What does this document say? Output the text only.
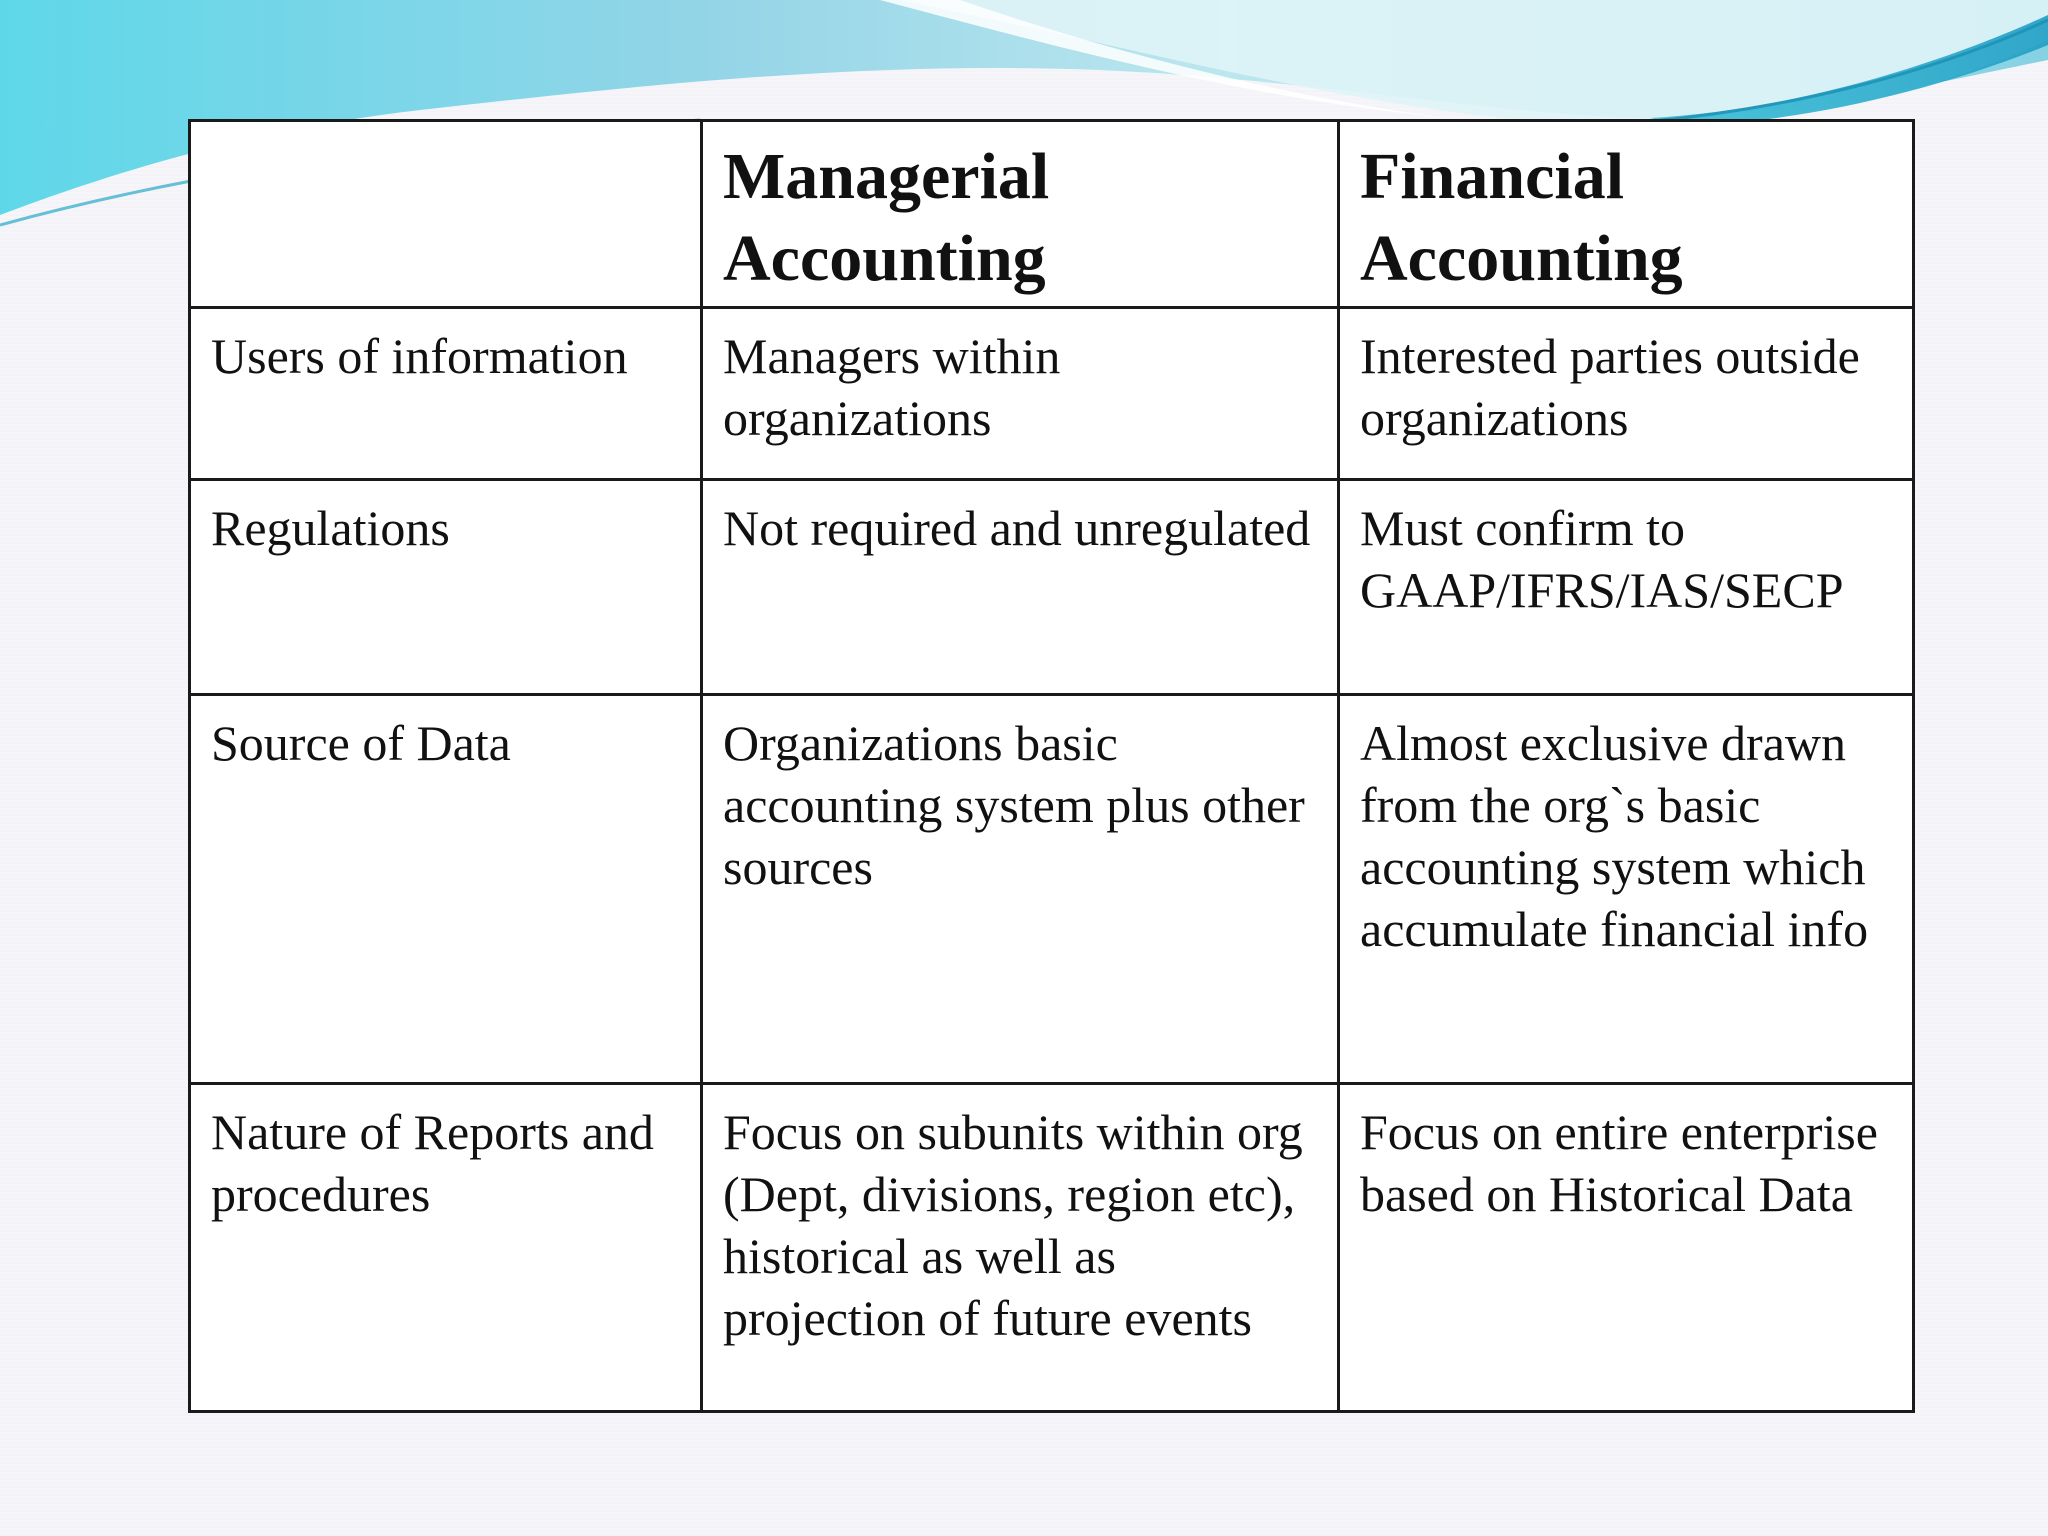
	Managerial Accounting	Financial Accounting
Users of information	Managers within organizations	Interested parties outside organizations
Regulations	Not required and unregulated	Must confirm to GAAP/IFRS/IAS/SECP
Source of Data	Organizations basic accounting system plus other sources	Almost exclusive drawn from the org`s basic accounting system which accumulate financial info
Nature of Reports and procedures	Focus on subunits within org (Dept, divisions, region etc), historical as well as projection of future events	Focus on entire enterprise based on Historical Data
